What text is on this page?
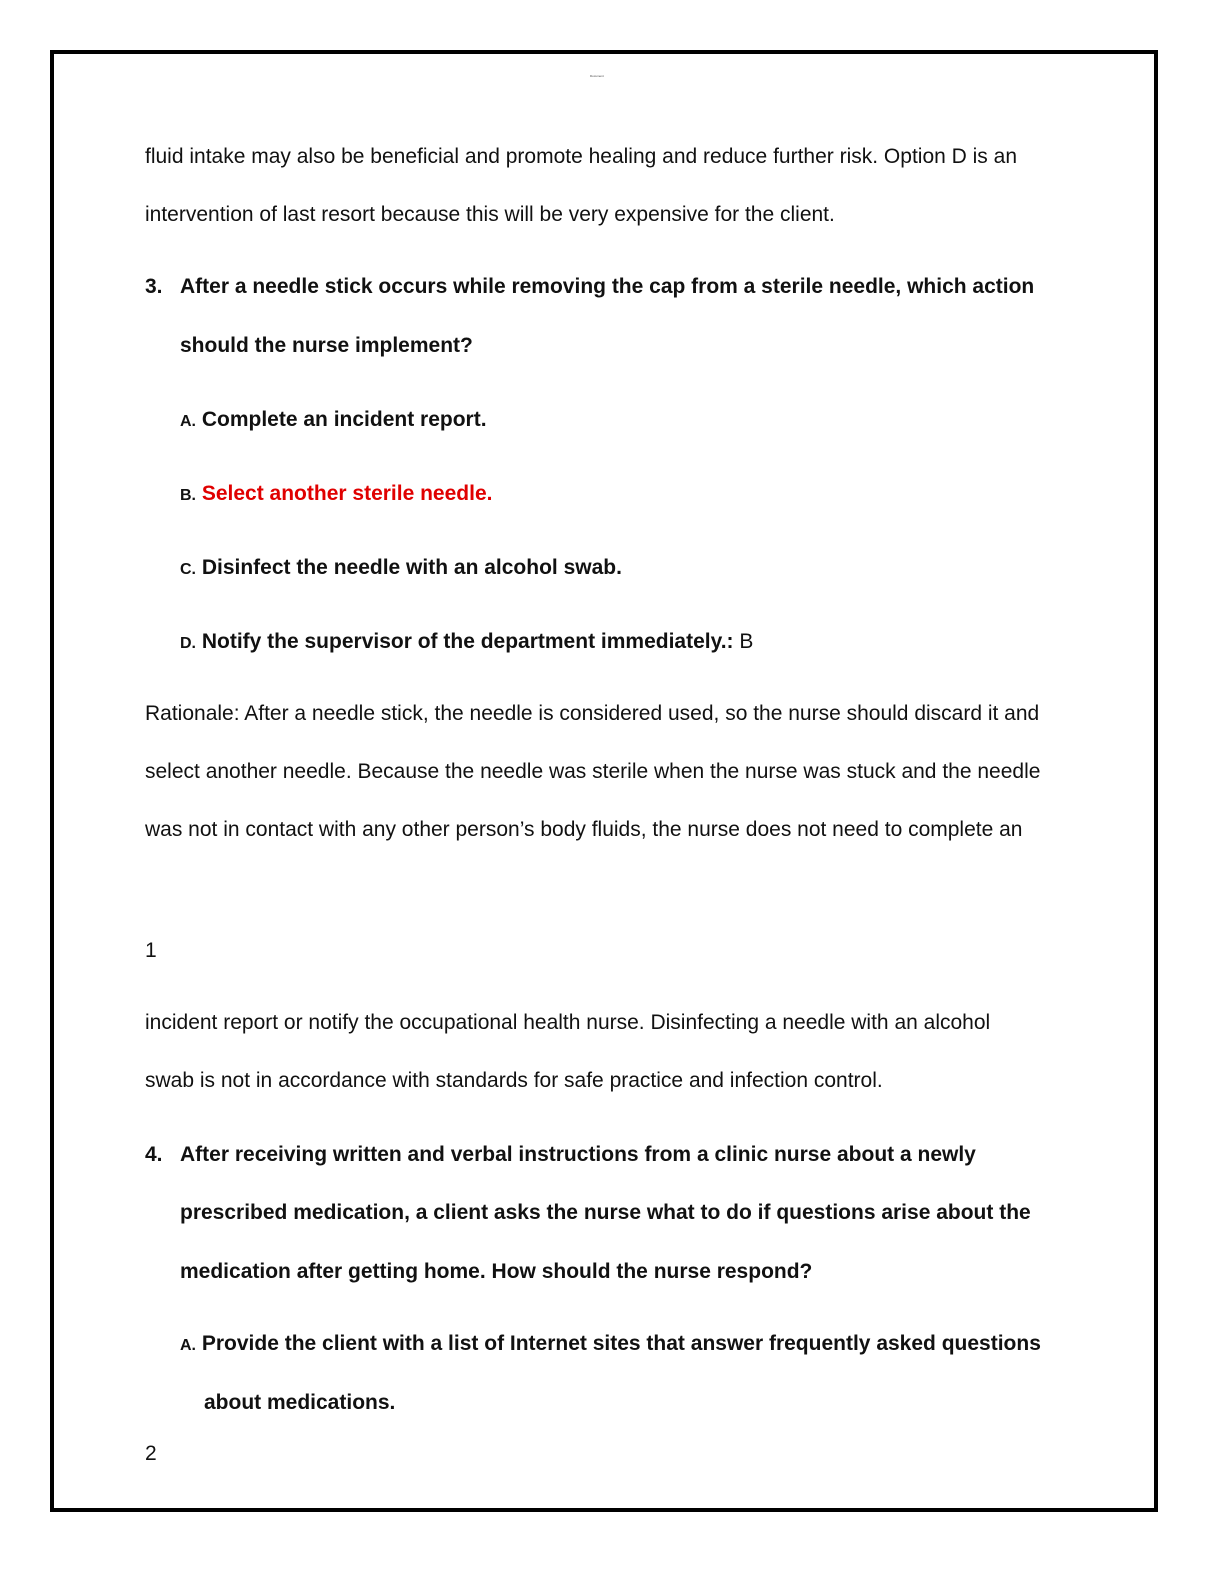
Document
fluid intake may also be beneficial and promote healing and reduce further risk. Option D is an
intervention of last resort because this will be very expensive for the client.
3. After a needle stick occurs while removing the cap from a sterile needle, which action
should the nurse implement?
A. Complete an incident report.
B. Select another sterile needle.
C. Disinfect the needle with an alcohol swab.
D. Notify the supervisor of the department immediately.: B
Rationale: After a needle stick, the needle is considered used, so the nurse should discard it and
select another needle. Because the needle was sterile when the nurse was stuck and the needle
was not in contact with any other person’s body fluids, the nurse does not need to complete an
1
incident report or notify the occupational health nurse. Disinfecting a needle with an alcohol
swab is not in accordance with standards for safe practice and infection control.
4. After receiving written and verbal instructions from a clinic nurse about a newly
prescribed medication, a client asks the nurse what to do if questions arise about the
medication after getting home. How should the nurse respond?
A. Provide the client with a list of Internet sites that answer frequently asked questions
about medications.
2
